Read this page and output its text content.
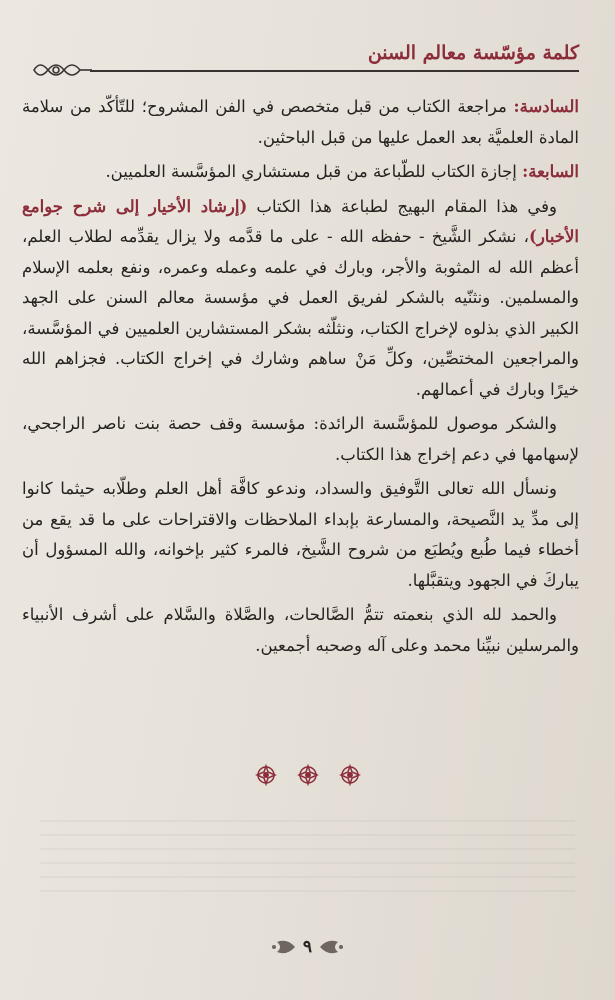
كلمة مؤسّسة معالم السنن

السادسة: مراجعة الكتاب من قبل متخصص في الفن المشروح؛ للتّأكّد من سلامة المادة العلميَّة بعد العمل عليها من قبل الباحثين.

السابعة: إجازة الكتاب للطّباعة من قبل مستشاري المؤسَّسة العلميين.

وفي هذا المقام البهيج لطباعة هذا الكتاب (إرشاد الأخيار إلى شرح جوامع الأخبار)، نشكر الشَّيخ - حفظه الله - على ما قدَّمه ولا يزال يقدِّمه لطلاب العلم، أعظم الله له المثوبة والأجر، وبارك في علمه وعمله وعمره، ونفع بعلمه الإسلام والمسلمين. ونثنّيه بالشكر لفريق العمل في مؤسسة معالم السنن على الجهد الكبير الذي بذلوه لإخراج الكتاب، ونثلّثه بشكر المستشارين العلميين في المؤسَّسة، والمراجعين المختصِّين، وكلِّ مَنْ ساهم وشارك في إخراج الكتاب. فجزاهم الله خيرًا وبارك في أعمالهم.

والشكر موصول للمؤسَّسة الرائدة: مؤسسة وقف حصة بنت ناصر الراجحي، لإسهامها في دعم إخراج هذا الكتاب.

ونسأل الله تعالى التَّوفيق والسداد، وندعو كافَّة أهل العلم وطلّابه حيثما كانوا إلى مدِّ يد النَّصيحة، والمسارعة بإبداء الملاحظات والاقتراحات على ما قد يقع من أخطاء فيما طُبع ويُطبَع من شروح الشَّيخ، فالمرء كثير بإخوانه، والله المسؤول أن يباركَ في الجهود ويتقبَّلها.

والحمد لله الذي بنعمته تتمُّ الصَّالحات، والصَّلاة والسَّلام على أشرف الأنبياء والمرسلين نبيِّنا محمد وعلى آله وصحبه أجمعين.

٩
